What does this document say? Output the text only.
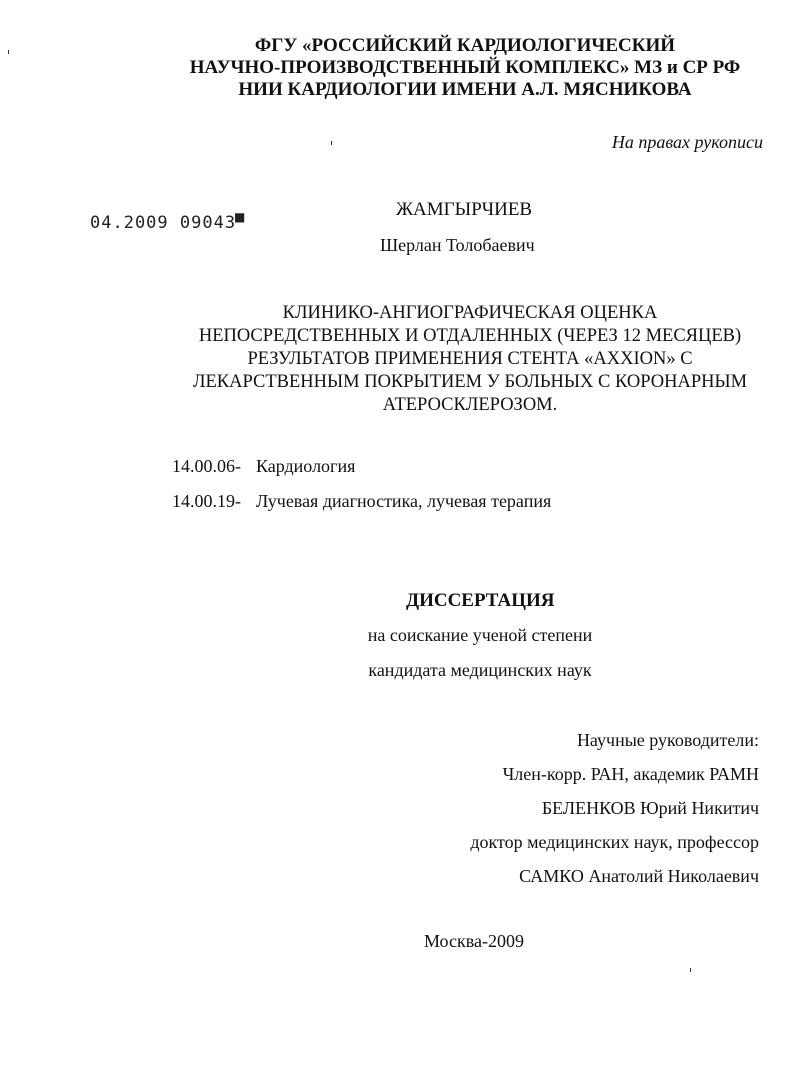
ФГУ «РОССИЙСКИЙ КАРДИОЛОГИЧЕСКИЙ
НАУЧНО-ПРОИЗВОДСТВЕННЫЙ КОМПЛЕКС» МЗ и СР РФ
НИИ КАРДИОЛОГИИ ИМЕНИ А.Л. МЯСНИКОВА
На правах рукописи
04.2009 09043
■	ЖАМГЫРЧИЕВ
Шерлан Толобаевич
КЛИНИКО-АНГИОГРАФИЧЕСКАЯ ОЦЕНКА
НЕПОСРЕДСТВЕННЫХ И ОТДАЛЕННЫХ (ЧЕРЕЗ 12 МЕСЯЦЕВ)
РЕЗУЛЬТАТОВ ПРИМЕНЕНИЯ СТЕНТА «AXXION» С
ЛЕКАРСТВЕННЫМ ПОКРЫТИЕМ У БОЛЬНЫХ С КОРОНАРНЫМ
АТЕРОСКЛЕРОЗОМ.
14.00.06- Кардиология
14.00.19- Лучевая диагностика, лучевая терапия
ДИССЕРТАЦИЯ
на соискание ученой степени
кандидата медицинских наук
Научные руководители:
Член-корр. РАН, академик РАМН
БЕЛЕНКОВ Юрий Никитич
доктор медицинских наук, профессор
САМКО Анатолий Николаевич
Москва-2009
